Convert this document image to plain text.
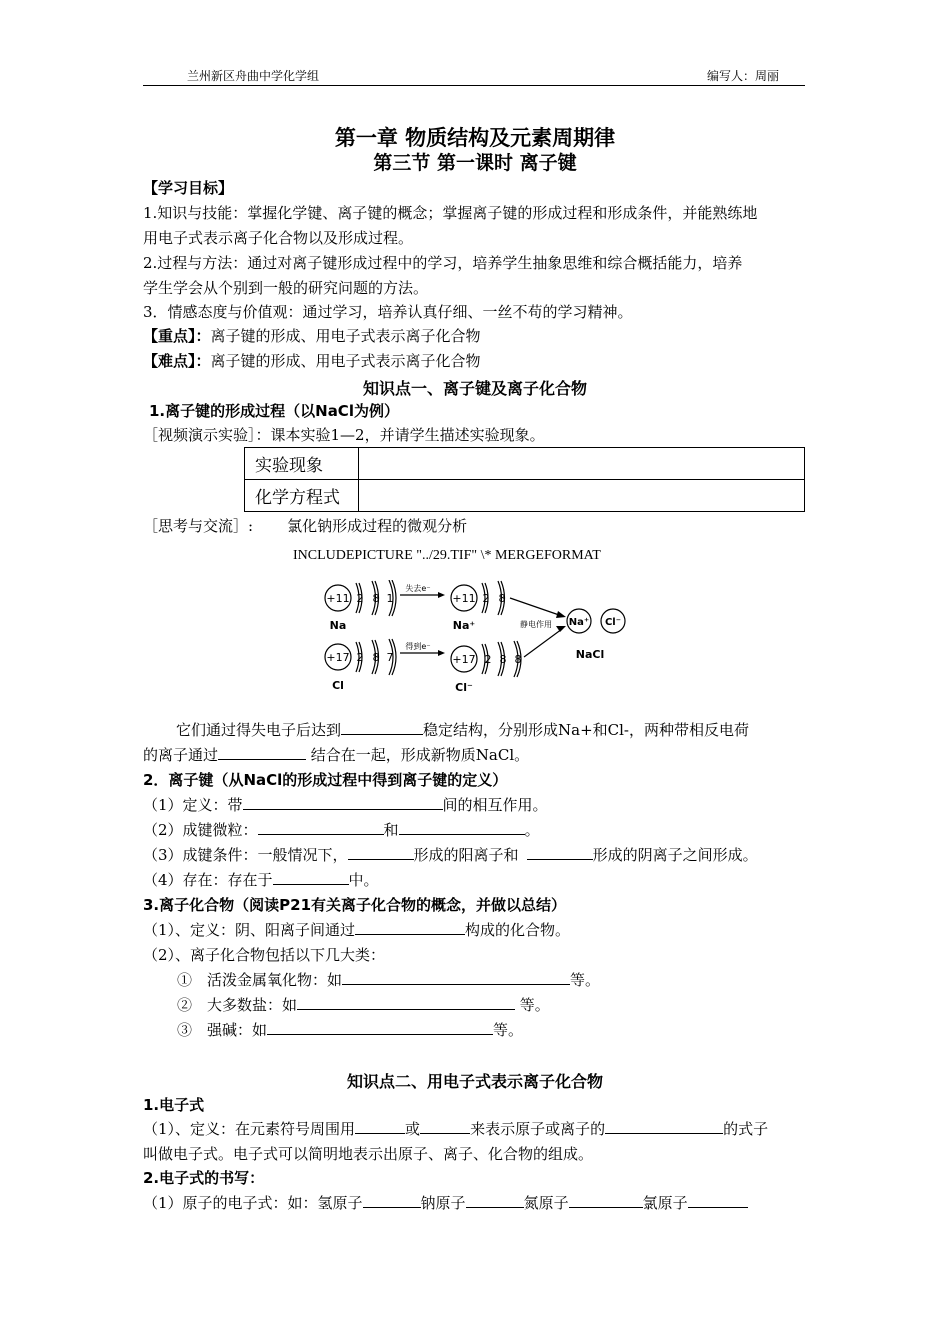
兰州新区舟曲中学化学组	编写人：周丽
第一章 物质结构及元素周期律
第三节 第一课时 离子键
【学习目标】
1.知识与技能：掌握化学键、离子键的概念；掌握离子键的形成过程和形成条件，并能熟练地
用电子式表示离子化合物以及形成过程。
2.过程与方法：通过对离子键形成过程中的学习，培养学生抽象思维和综合概括能力，培养
学生学会从个别到一般的研究问题的方法。
3．情感态度与价值观：通过学习，培养认真仔细、一丝不苟的学习精神。
【重点】：离子键的形成、用电子式表示离子化合物
【难点】：离子键的形成、用电子式表示离子化合物
知识点一、离子键及离子化合物
1.离子键的形成过程（以NaCl为例）
［视频演示实验］：课本实验1—2，并请学生描述实验现象。
实验现象	
化学方程式	
［思考与交流］: 氯化钠形成过程的微观分析
INCLUDEPICTURE "../29.TIF" \* MERGEFORMAT
+11 2 8 1
Na
失去e⁻
+11 2 8
Na⁺
+17 2 8 7
Cl
得到e⁻
+17 2 8 8
Cl⁻
静电作用 Na⁺ Cl⁻
NaCl
它们通过得失电子后达到	稳定结构，分别形成Na+和Cl-，两种带相反电荷
的离子通过	结合在一起，形成新物质NaCl。
2．离子键（从NaCl的形成过程中得到离子键的定义）
（1）定义：带	间的相互作用。
（2）成键微粒：	和	。
（3）成键条件：一般情况下，	形成的阳离子和	形成的阴离子之间形成。
（4）存在：存在于	中。
3.离子化合物（阅读P21有关离子化合物的概念，并做以总结）
（1）、定义：阴、阳离子间通过	构成的化合物。
（2）、离子化合物包括以下几大类：
①　活泼金属氧化物：如	等。
②　大多数盐：如	等。
③　强碱：如	等。
知识点二、用电子式表示离子化合物
1.电子式
（1）、定义：在元素符号周围用	或	来表示原子或离子的	的式子
叫做电子式。电子式可以简明地表示出原子、离子、化合物的组成。
2.电子式的书写：
（1）原子的电子式：如：氢原子	钠原子	氮原子	氯原子
